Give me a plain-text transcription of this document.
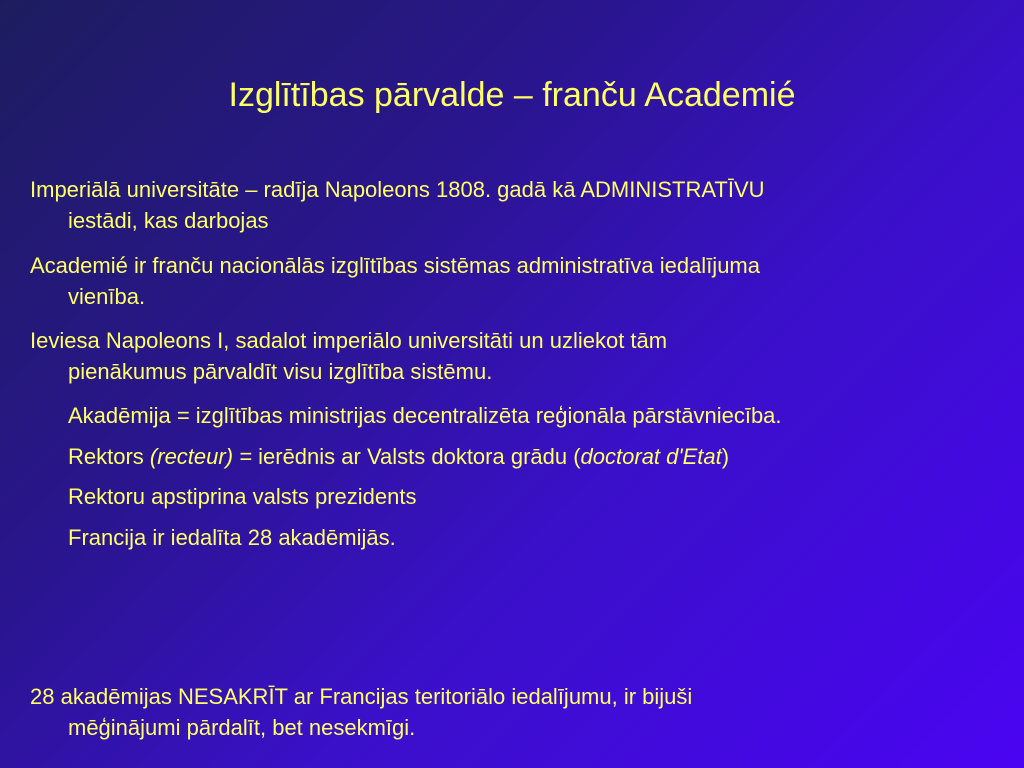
Izglītības pārvalde – franču Academié
Imperiālā universitāte – radīja Napoleons 1808. gadā kā ADMINISTRATĪVU
iestādi, kas darbojas
Academié ir franču nacionālās izglītības sistēmas administratīva iedalījuma
vienība.
Ieviesa Napoleons I, sadalot imperiālo universitāti un uzliekot tām
pienākumus pārvaldīt visu izglītība sistēmu.
Akadēmija = izglītības ministrijas decentralizēta reģionāla pārstāvniecība.
Rektors (recteur) = ierēdnis ar Valsts doktora grādu (doctorat d'Etat)
Rektoru apstiprina valsts prezidents
Francija ir iedalīta 28 akadēmijās.
28 akadēmijas NESAKRĪT ar Francijas teritoriālo iedalījumu, ir bijuši
mēģinājumi pārdalīt, bet nesekmīgi.
